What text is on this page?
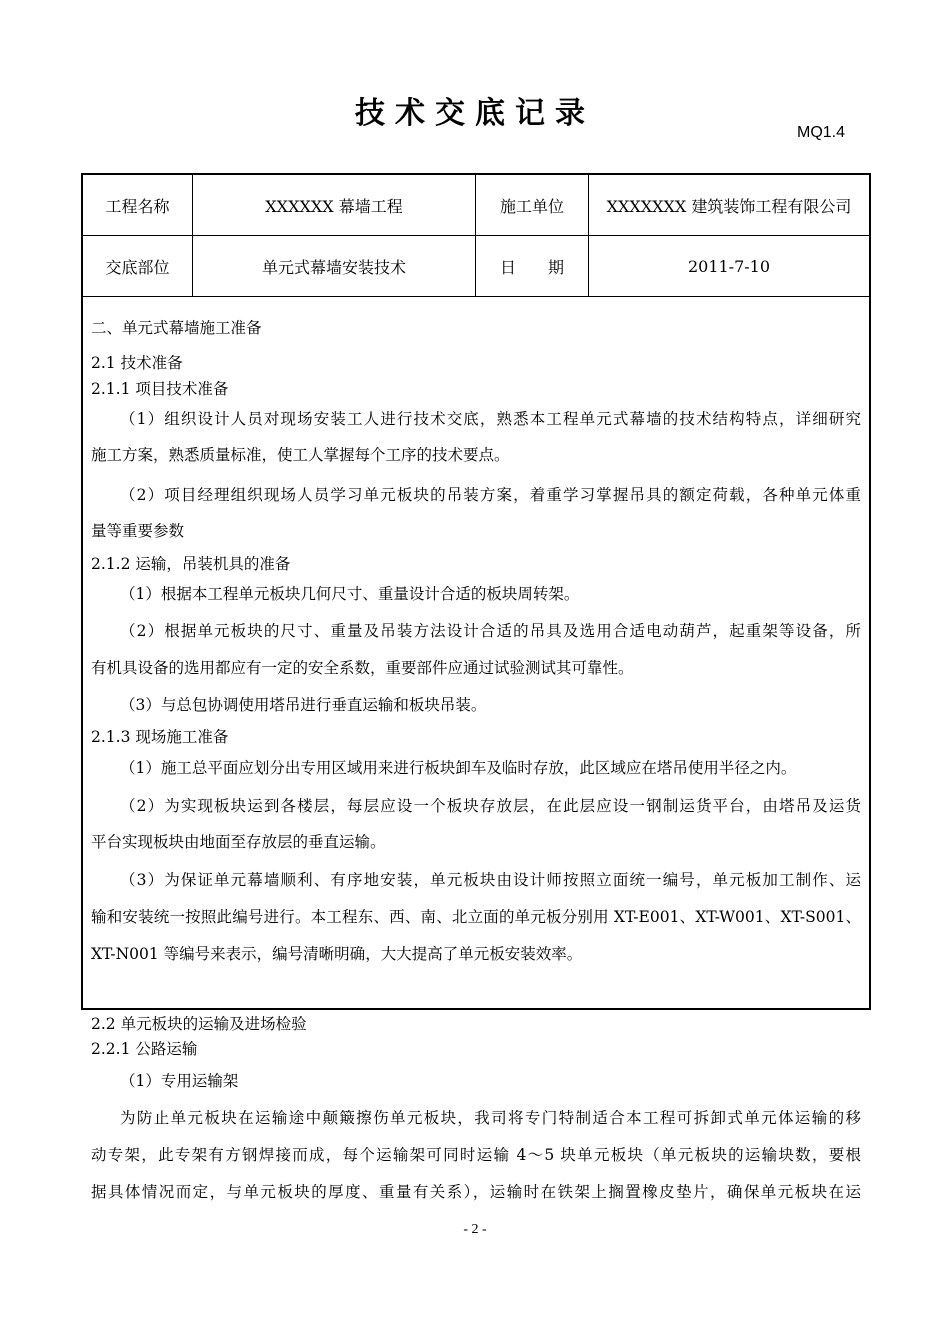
技术交底记录
MQ1.4
工程名称	XXXXXX 幕墙工程	施工单位	XXXXXXX 建筑装饰工程有限公司
交底部位	单元式幕墙安装技术	日　　期	2011-7-10
二、单元式幕墙施工准备
2.1 技术准备
2.1.1 项目技术准备
（1）组织设计人员对现场安装工人进行技术交底，熟悉本工程单元式幕墙的技术结构特点，详细研究
施工方案，熟悉质量标准，使工人掌握每个工序的技术要点。
（2）项目经理组织现场人员学习单元板块的吊装方案，着重学习掌握吊具的额定荷载，各种单元体重
量等重要参数
2.1.2 运输，吊装机具的准备
（1）根据本工程单元板块几何尺寸、重量设计合适的板块周转架。
（2）根据单元板块的尺寸、重量及吊装方法设计合适的吊具及选用合适电动葫芦，起重架等设备，所
有机具设备的选用都应有一定的安全系数，重要部件应通过试验测试其可靠性。
（3）与总包协调使用塔吊进行垂直运输和板块吊装。
2.1.3 现场施工准备
（1）施工总平面应划分出专用区域用来进行板块卸车及临时存放，此区域应在塔吊使用半径之内。
（2）为实现板块运到各楼层，每层应设一个板块存放层，在此层应设一钢制运货平台，由塔吊及运货
平台实现板块由地面至存放层的垂直运输。
（3）为保证单元幕墙顺利、有序地安装，单元板块由设计师按照立面统一编号，单元板加工制作、运
输和安装统一按照此编号进行。本工程东、西、南、北立面的单元板分别用 XT-E001、XT-W001、XT-S001、
XT-N001 等编号来表示，编号清晰明确，大大提高了单元板安装效率。
2.2 单元板块的运输及进场检验
2.2.1 公路运输
（1）专用运输架
为防止单元板块在运输途中颠簸擦伤单元板块，我司将专门特制适合本工程可拆卸式单元体运输的移
动专架，此专架有方钢焊接而成，每个运输架可同时运输 4～5 块单元板块（单元板块的运输块数，要根
据具体情况而定，与单元板块的厚度、重量有关系），运输时在铁架上搁置橡皮垫片，确保单元板块在运
- 2 -
